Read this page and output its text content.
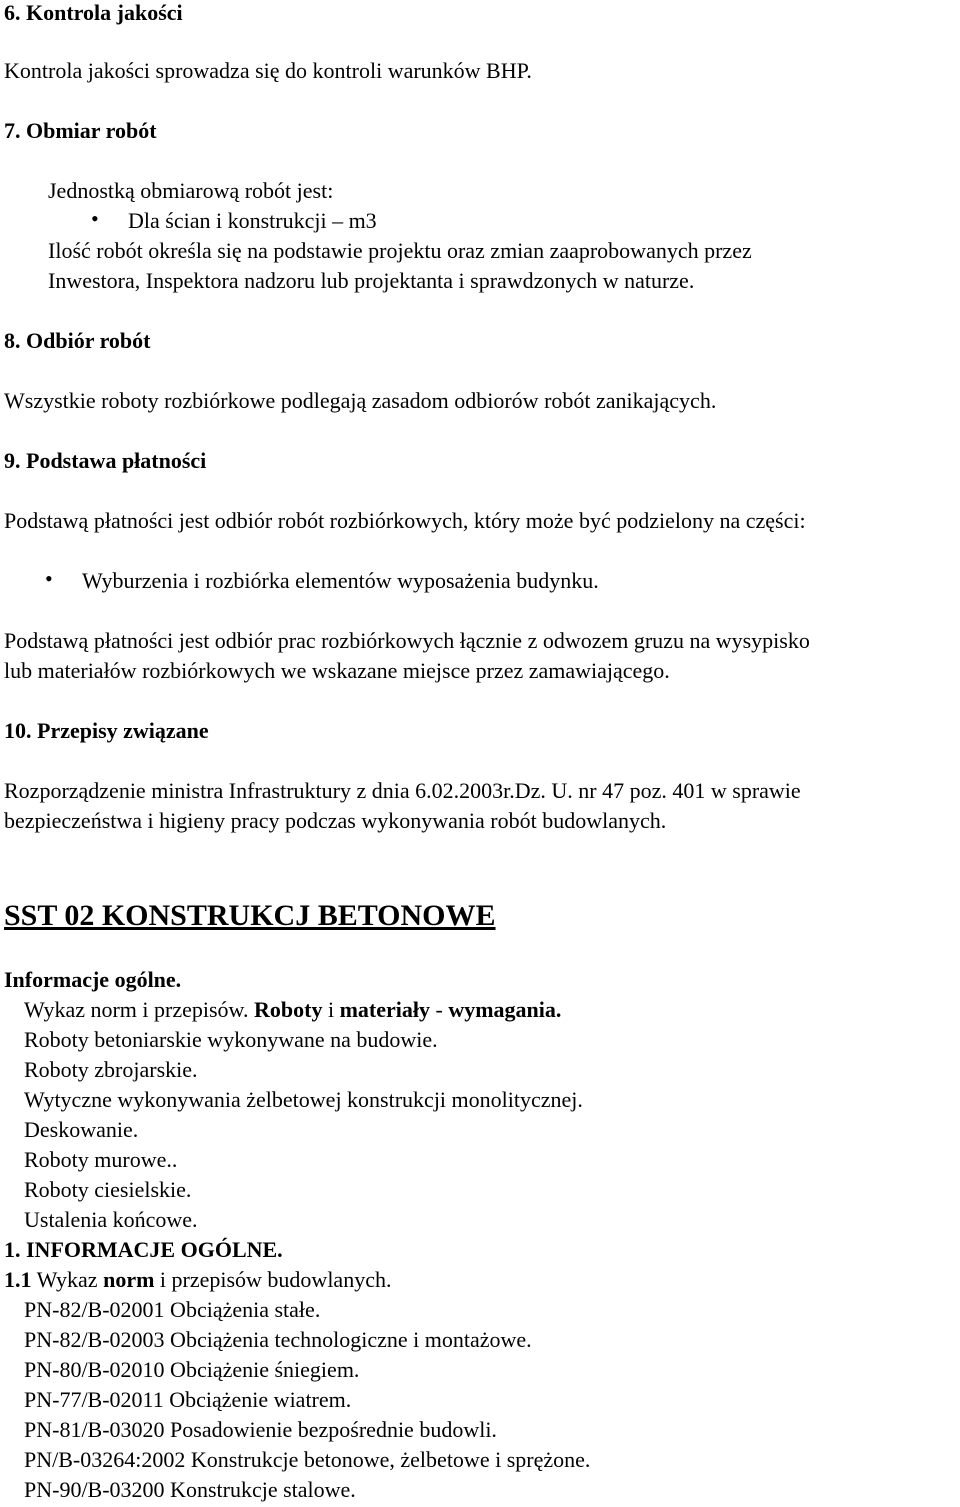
6. Kontrola jakości
Kontrola jakości sprowadza się do kontroli warunków BHP.
7. Obmiar robót
Jednostką obmiarową robót jest:
• Dla ścian i konstrukcji – m3
Ilość robót określa się na podstawie projektu oraz zmian zaaprobowanych przez
Inwestora, Inspektora nadzoru lub projektanta i sprawdzonych w naturze.
8. Odbiór robót
Wszystkie roboty rozbiórkowe podlegają zasadom odbiorów robót zanikających.
9. Podstawa płatności
Podstawą płatności jest odbiór robót rozbiórkowych, który może być podzielony na części:
• Wyburzenia i rozbiórka elementów wyposażenia budynku.
Podstawą płatności jest odbiór prac rozbiórkowych łącznie z odwozem gruzu na wysypisko
lub materiałów rozbiórkowych we wskazane miejsce przez zamawiającego.
10. Przepisy związane
Rozporządzenie ministra Infrastruktury z dnia 6.02.2003r.Dz. U. nr 47 poz. 401 w sprawie
bezpieczeństwa i higieny pracy podczas wykonywania robót budowlanych.
SST 02 KONSTRUKCJ BETONOWE
Informacje ogólne.
Wykaz norm i przepisów. Roboty i materiały - wymagania.
Roboty betoniarskie wykonywane na budowie.
Roboty zbrojarskie.
Wytyczne wykonywania żelbetowej konstrukcji monolitycznej.
Deskowanie.
Roboty murowe..
Roboty ciesielskie.
Ustalenia końcowe.
1. INFORMACJE OGÓLNE.
1.1 Wykaz norm i przepisów budowlanych.
PN-82/B-02001 Obciążenia stałe.
PN-82/B-02003 Obciążenia technologiczne i montażowe.
PN-80/B-02010 Obciążenie śniegiem.
PN-77/B-02011 Obciążenie wiatrem.
PN-81/B-03020 Posadowienie bezpośrednie budowli.
PN/B-03264:2002 Konstrukcje betonowe, żelbetowe i sprężone.
PN-90/B-03200 Konstrukcje stalowe.
